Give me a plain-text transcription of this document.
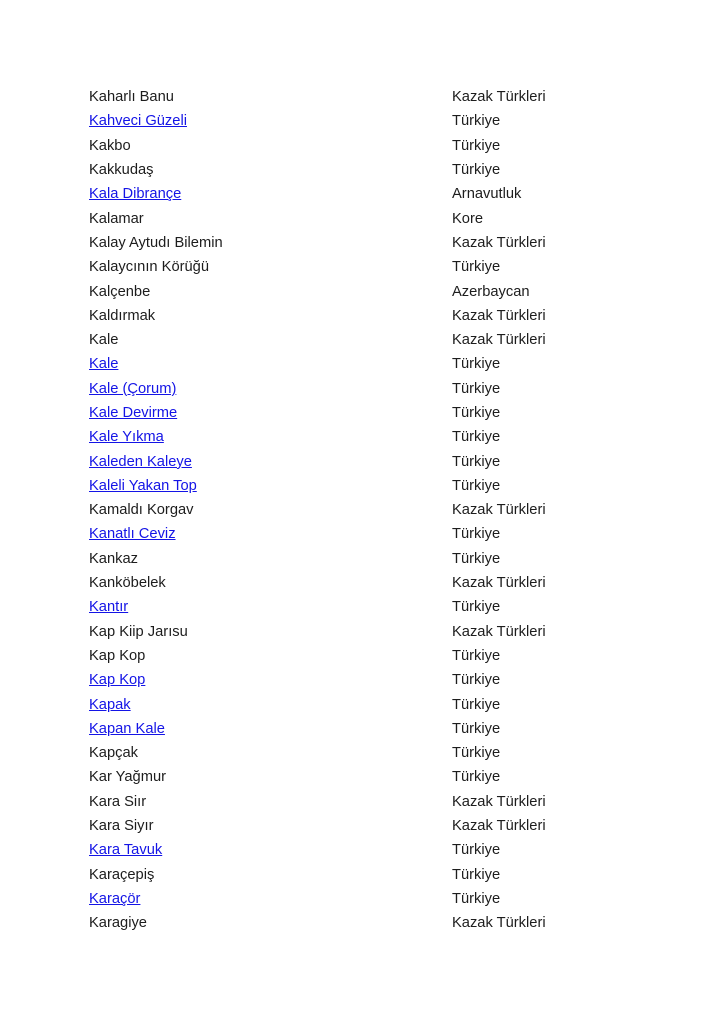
Kaharlı Banu	Kazak Türkleri
Kahveci Güzeli	Türkiye
Kakbo	Türkiye
Kakkudaş	Türkiye
Kala Dibrançe	Arnavutluk
Kalamar	Kore
Kalay Aytudı Bilemin	Kazak Türkleri
Kalaycının Körüğü	Türkiye
Kalçenbe	Azerbaycan
Kaldırmak	Kazak Türkleri
Kale	Kazak Türkleri
Kale	Türkiye
Kale (Çorum)	Türkiye
Kale Devirme	Türkiye
Kale Yıkma	Türkiye
Kaleden Kaleye	Türkiye
Kaleli Yakan Top	Türkiye
Kamaldı Korgav	Kazak Türkleri
Kanatlı Ceviz	Türkiye
Kankaz	Türkiye
Kanköbelek	Kazak Türkleri
Kantır	Türkiye
Kap Kiip Jarısu	Kazak Türkleri
Kap Kop	Türkiye
Kap Kop	Türkiye
Kapak	Türkiye
Kapan Kale	Türkiye
Kapçak	Türkiye
Kar Yağmur	Türkiye
Kara Siır	Kazak Türkleri
Kara Siyır	Kazak Türkleri
Kara Tavuk	Türkiye
Karaçepiş	Türkiye
Karaçör	Türkiye
Karagiye	Kazak Türkleri
